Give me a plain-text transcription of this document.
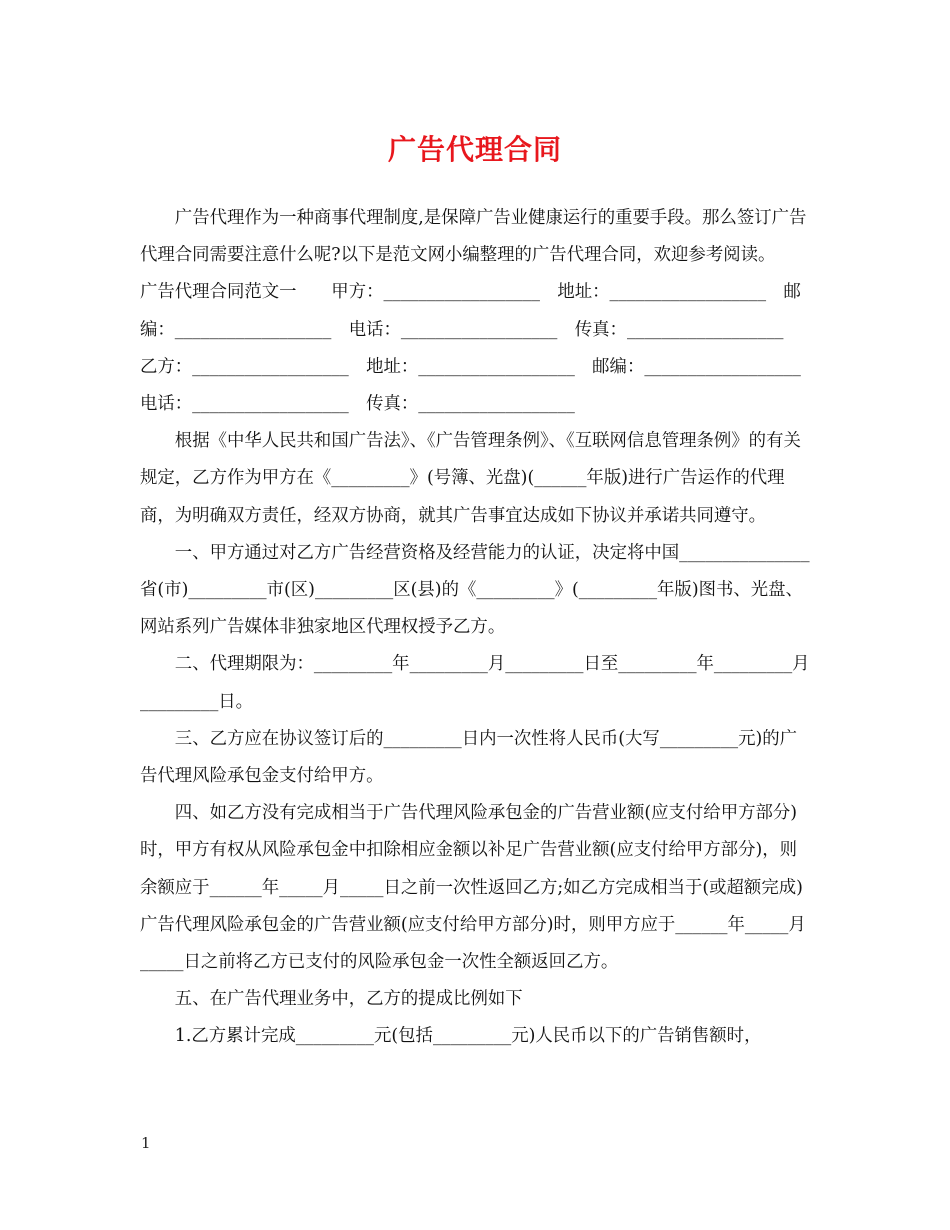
广告代理合同

广告代理作为一种商事代理制度,是保障广告业健康运行的重要手段。那么签订广告代理合同需要注意什么呢?以下是范文网小编整理的广告代理合同，欢迎参考阅读。

广告代理合同范文一　　甲方：__________________　地址：__________________　邮编：__________________　电话：__________________　传真：__________________　乙方：__________________　地址：__________________　邮编：__________________　电话：__________________　传真：__________________

根据《中华人民共和国广告法》、《广告管理条例》、《互联网信息管理条例》的有关规定，乙方作为甲方在《_________》(号簿、光盘)(______年版)进行广告运作的代理商，为明确双方责任，经双方协商，就其广告事宜达成如下协议并承诺共同遵守。

一、甲方通过对乙方广告经营资格及经营能力的认证，决定将中国_______________省(市)_________市(区)_________区(县)的《_________》(_________年版)图书、光盘、网站系列广告媒体非独家地区代理权授予乙方。

二、代理期限为：_________年_________月_________日至_________年_________月_________日。

三、乙方应在协议签订后的_________日内一次性将人民币(大写_________元)的广告代理风险承包金支付给甲方。

四、如乙方没有完成相当于广告代理风险承包金的广告营业额(应支付给甲方部分)时，甲方有权从风险承包金中扣除相应金额以补足广告营业额(应支付给甲方部分)，则余额应于______年_____月_____日之前一次性返回乙方;如乙方完成相当于(或超额完成)广告代理风险承包金的广告营业额(应支付给甲方部分)时，则甲方应于______年_____月_____日之前将乙方已支付的风险承包金一次性全额返回乙方。

五、在广告代理业务中，乙方的提成比例如下

1.乙方累计完成_________元(包括_________元)人民币以下的广告销售额时，

1
